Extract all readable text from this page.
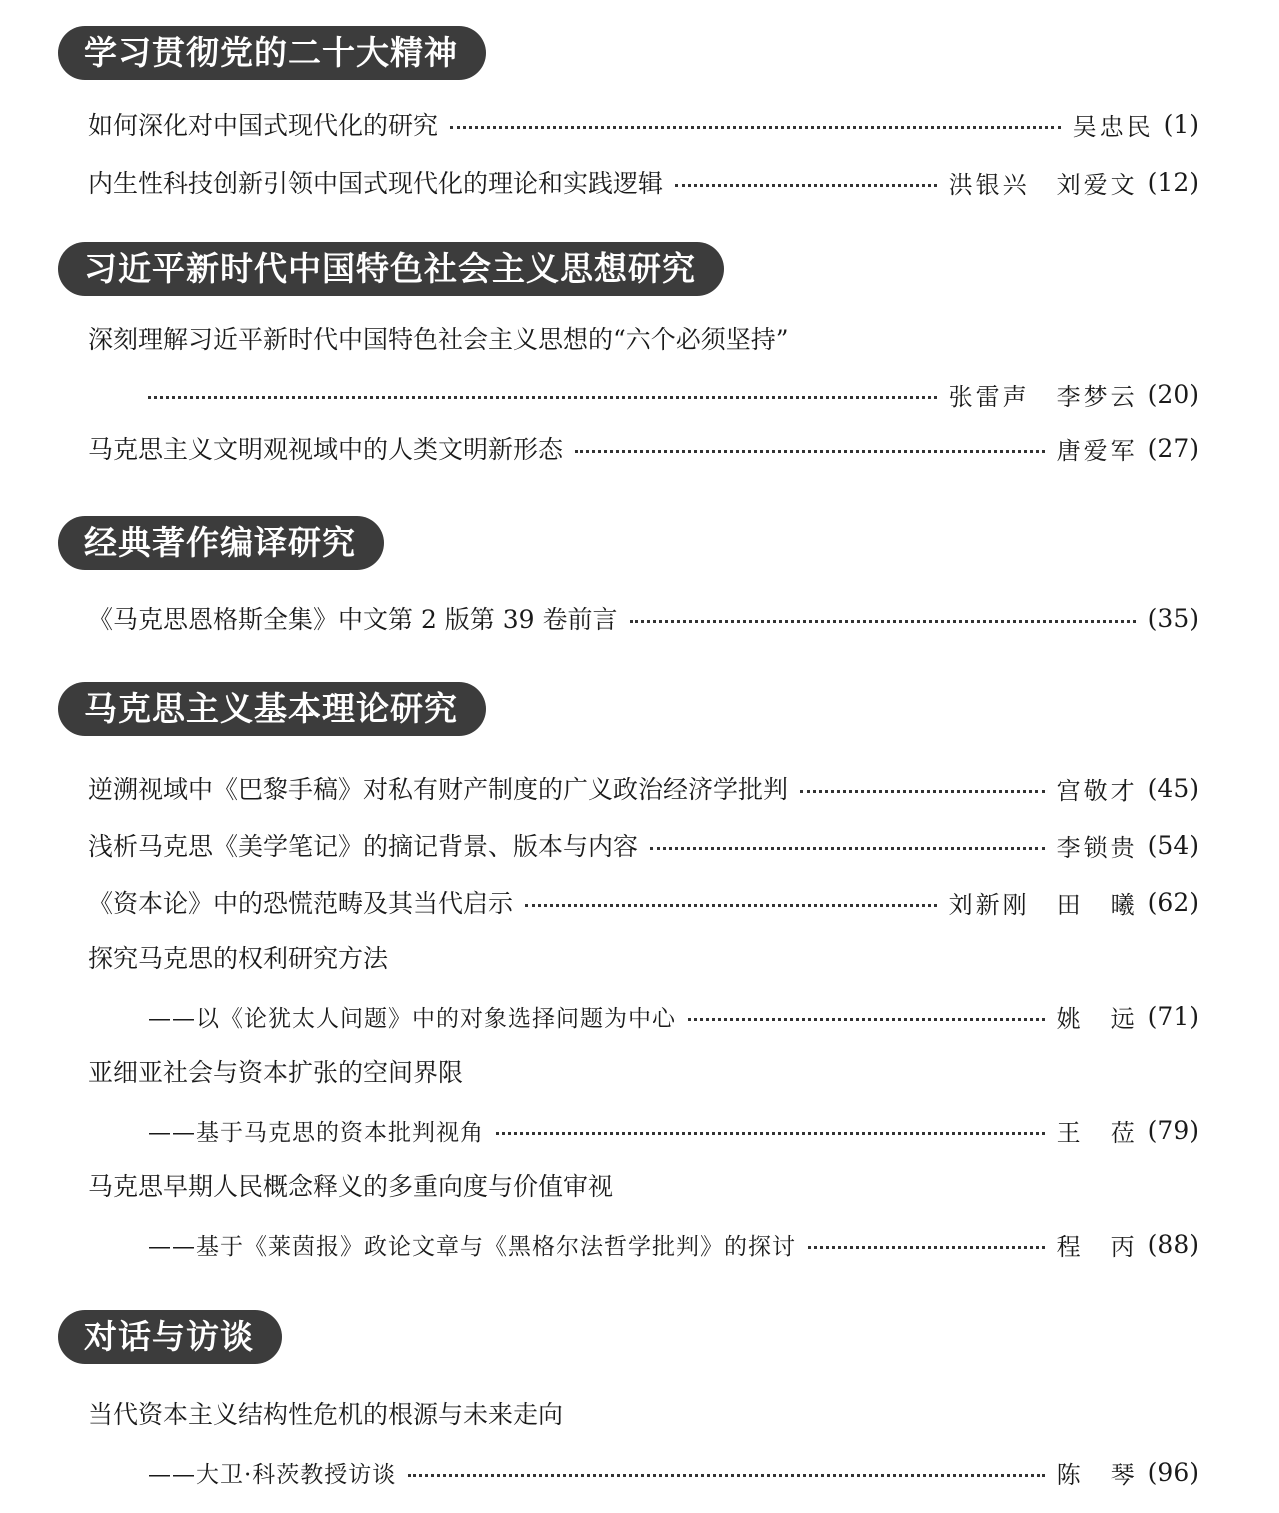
学习贯彻党的二十大精神
如何深化对中国式现代化的研究	吴忠民 (1)
内生性科技创新引领中国式现代化的理论和实践逻辑	洪银兴　刘爱文 (12)
习近平新时代中国特色社会主义思想研究
深刻理解习近平新时代中国特色社会主义思想的“六个必须坚持”
张雷声　李梦云 (20)
马克思主义文明观视域中的人类文明新形态	唐爱军 (27)
经典著作编译研究
《马克思恩格斯全集》中文第 2 版第 39 卷前言	(35)
马克思主义基本理论研究
逆溯视域中《巴黎手稿》对私有财产制度的广义政治经济学批判	宫敬才 (45)
浅析马克思《美学笔记》的摘记背景、版本与内容	李锁贵 (54)
《资本论》中的恐慌范畴及其当代启示	刘新刚　田　曦 (62)
探究马克思的权利研究方法
——以《论犹太人问题》中的对象选择问题为中心	姚　远 (71)
亚细亚社会与资本扩张的空间界限
——基于马克思的资本批判视角	王　莅 (79)
马克思早期人民概念释义的多重向度与价值审视
——基于《莱茵报》政论文章与《黑格尔法哲学批判》的探讨	程　丙 (88)
对话与访谈
当代资本主义结构性危机的根源与未来走向
——大卫·科茨教授访谈	陈　琴 (96)
